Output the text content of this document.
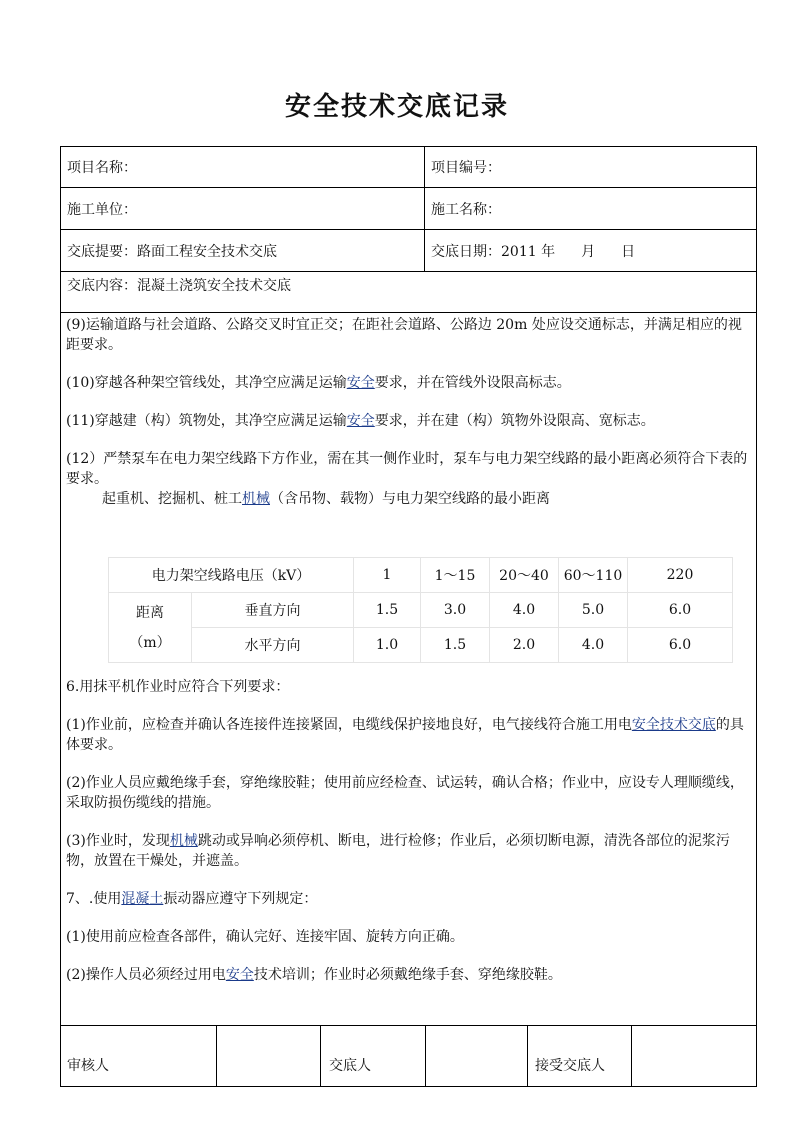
安全技术交底记录
项目名称：	项目编号：
施工单位：	施工名称：
交底提要：路面工程安全技术交底	交底日期：2011 年 月 日
交底内容：混凝土浇筑安全技术交底

(9)运输道路与社会道路、公路交叉时宜正交；在距社会道路、公路边 20m 处应设交通标志，并满足相应的视距要求。

(10)穿越各种架空管线处，其净空应满足运输安全要求，并在管线外设限高标志。

(11)穿越建（构）筑物处，其净空应满足运输安全要求，并在建（构）筑物外设限高、宽标志。

(12）严禁泵车在电力架空线路下方作业，需在其一侧作业时，泵车与电力架空线路的最小距离必须符合下表的要求。

起重机、挖掘机、桩工机械（含吊物、载物）与电力架空线路的最小距离

6.用抹平机作业时应符合下列要求：

(1)作业前，应检查并确认各连接件连接紧固，电缆线保护接地良好，电气接线符合施工用电安全技术交底的具体要求。

(2)作业人员应戴绝缘手套，穿绝缘胶鞋；使用前应经检查、试运转，确认合格；作业中，应设专人理顺缆线，采取防损伤缆线的措施。

(3)作业时，发现机械跳动或异响必须停机、断电，进行检修；作业后，必须切断电源，清洗各部位的泥浆污物，放置在干燥处，并遮盖。

7、.使用混凝土振动器应遵守下列规定：

(1)使用前应检查各部件，确认完好、连接牢固、旋转方向正确。

(2)操作人员必须经过用电安全技术培训；作业时必须戴绝缘手套、穿绝缘胶鞋。

电力架空线路电压（kV）		1	1～15	20～40	60～110	220

距离
（m）	垂直方向	1.5	3.0	4.0	5.0	6.0
	水平方向	1.0	1.5	2.0	4.0	6.0
审核人	交底人	接受交底人
